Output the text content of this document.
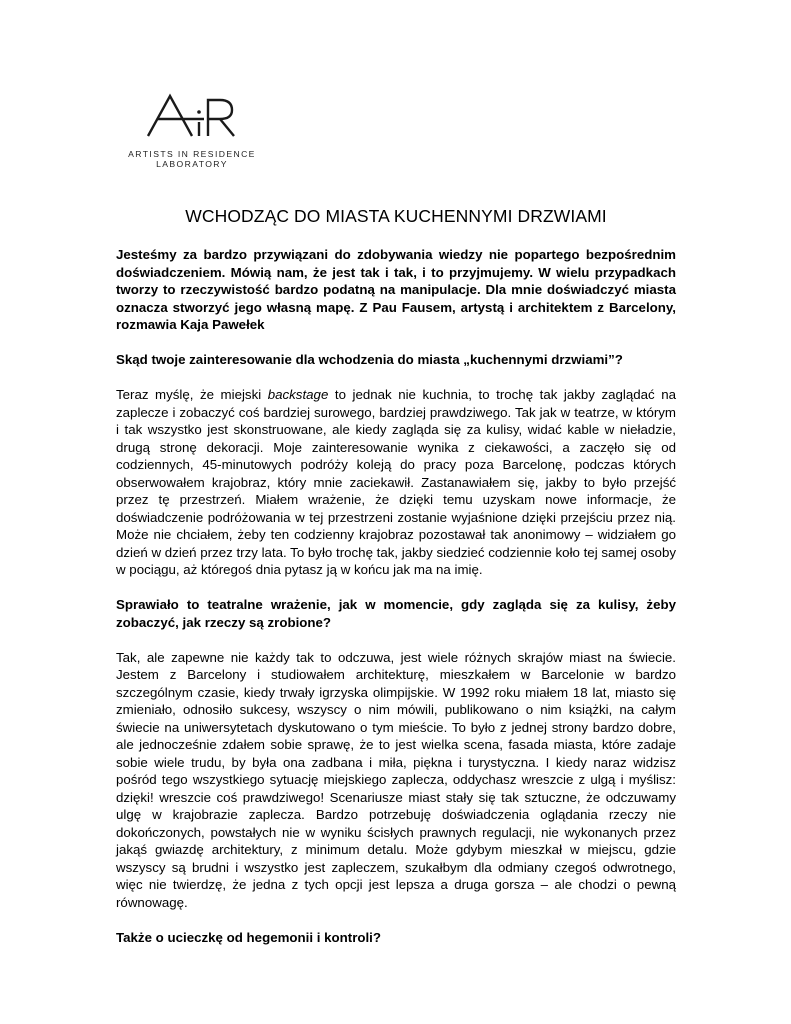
ARTISTS IN RESIDENCE
LABORATORY
WCHODZĄC DO MIASTA KUCHENNYMI DRZWIAMI

Jesteśmy za bardzo przywiązani do zdobywania wiedzy nie popartego bezpośrednim doświadczeniem. Mówią nam, że jest tak i tak, i to przyjmujemy. W wielu przypadkach tworzy to rzeczywistość bardzo podatną na manipulacje. Dla mnie doświadczyć miasta oznacza stworzyć jego własną mapę. Z Pau Fausem, artystą i architektem z Barcelony, rozmawia Kaja Pawełek

Skąd twoje zainteresowanie dla wchodzenia do miasta „kuchennymi drzwiami”?

Teraz myślę, że miejski backstage to jednak nie kuchnia, to trochę tak jakby zaglądać na zaplecze i zobaczyć coś bardziej surowego, bardziej prawdziwego. Tak jak w teatrze, w którym i tak wszystko jest skonstruowane, ale kiedy zagląda się za kulisy, widać kable w nieładzie, drugą stronę dekoracji. Moje zainteresowanie wynika z ciekawości, a zaczęło się od codziennych, 45-minutowych podróży koleją do pracy poza Barcelonę, podczas których obserwowałem krajobraz, który mnie zaciekawił. Zastanawiałem się, jakby to było przejść przez tę przestrzeń. Miałem wrażenie, że dzięki temu uzyskam nowe informacje, że doświadczenie podróżowania w tej przestrzeni zostanie wyjaśnione dzięki przejściu przez nią. Może nie chciałem, żeby ten codzienny krajobraz pozostawał tak anonimowy – widziałem go dzień w dzień przez trzy lata. To było trochę tak, jakby siedzieć codziennie koło tej samej osoby w pociągu, aż któregoś dnia pytasz ją w końcu jak ma na imię.

Sprawiało to teatralne wrażenie, jak w momencie, gdy zagląda się za kulisy, żeby zobaczyć, jak rzeczy są zrobione?

Tak, ale zapewne nie każdy tak to odczuwa, jest wiele różnych skrajów miast na świecie. Jestem z Barcelony i studiowałem architekturę, mieszkałem w Barcelonie w bardzo szczególnym czasie, kiedy trwały igrzyska olimpijskie. W 1992 roku miałem 18 lat, miasto się zmieniało, odnosiło sukcesy, wszyscy o nim mówili, publikowano o nim książki, na całym świecie na uniwersytetach dyskutowano o tym mieście. To było z jednej strony bardzo dobre, ale jednocześnie zdałem sobie sprawę, że to jest wielka scena, fasada miasta, które zadaje sobie wiele trudu, by była ona zadbana i miła, piękna i turystyczna. I kiedy naraz widzisz pośród tego wszystkiego sytuację miejskiego zaplecza, oddychasz wreszcie z ulgą i myślisz: dzięki! wreszcie coś prawdziwego! Scenariusze miast stały się tak sztuczne, że odczuwamy ulgę w krajobrazie zaplecza. Bardzo potrzebuję doświadczenia oglądania rzeczy nie dokończonych, powstałych nie w wyniku ścisłych prawnych regulacji, nie wykonanych przez jakąś gwiazdę architektury, z minimum detalu. Może gdybym mieszkał w miejscu, gdzie wszyscy są brudni i wszystko jest zapleczem, szukałbym dla odmiany czegoś odwrotnego, więc nie twierdzę, że jedna z tych opcji jest lepsza a druga gorsza – ale chodzi o pewną równowagę.

Także o ucieczkę od hegemonii i kontroli?
